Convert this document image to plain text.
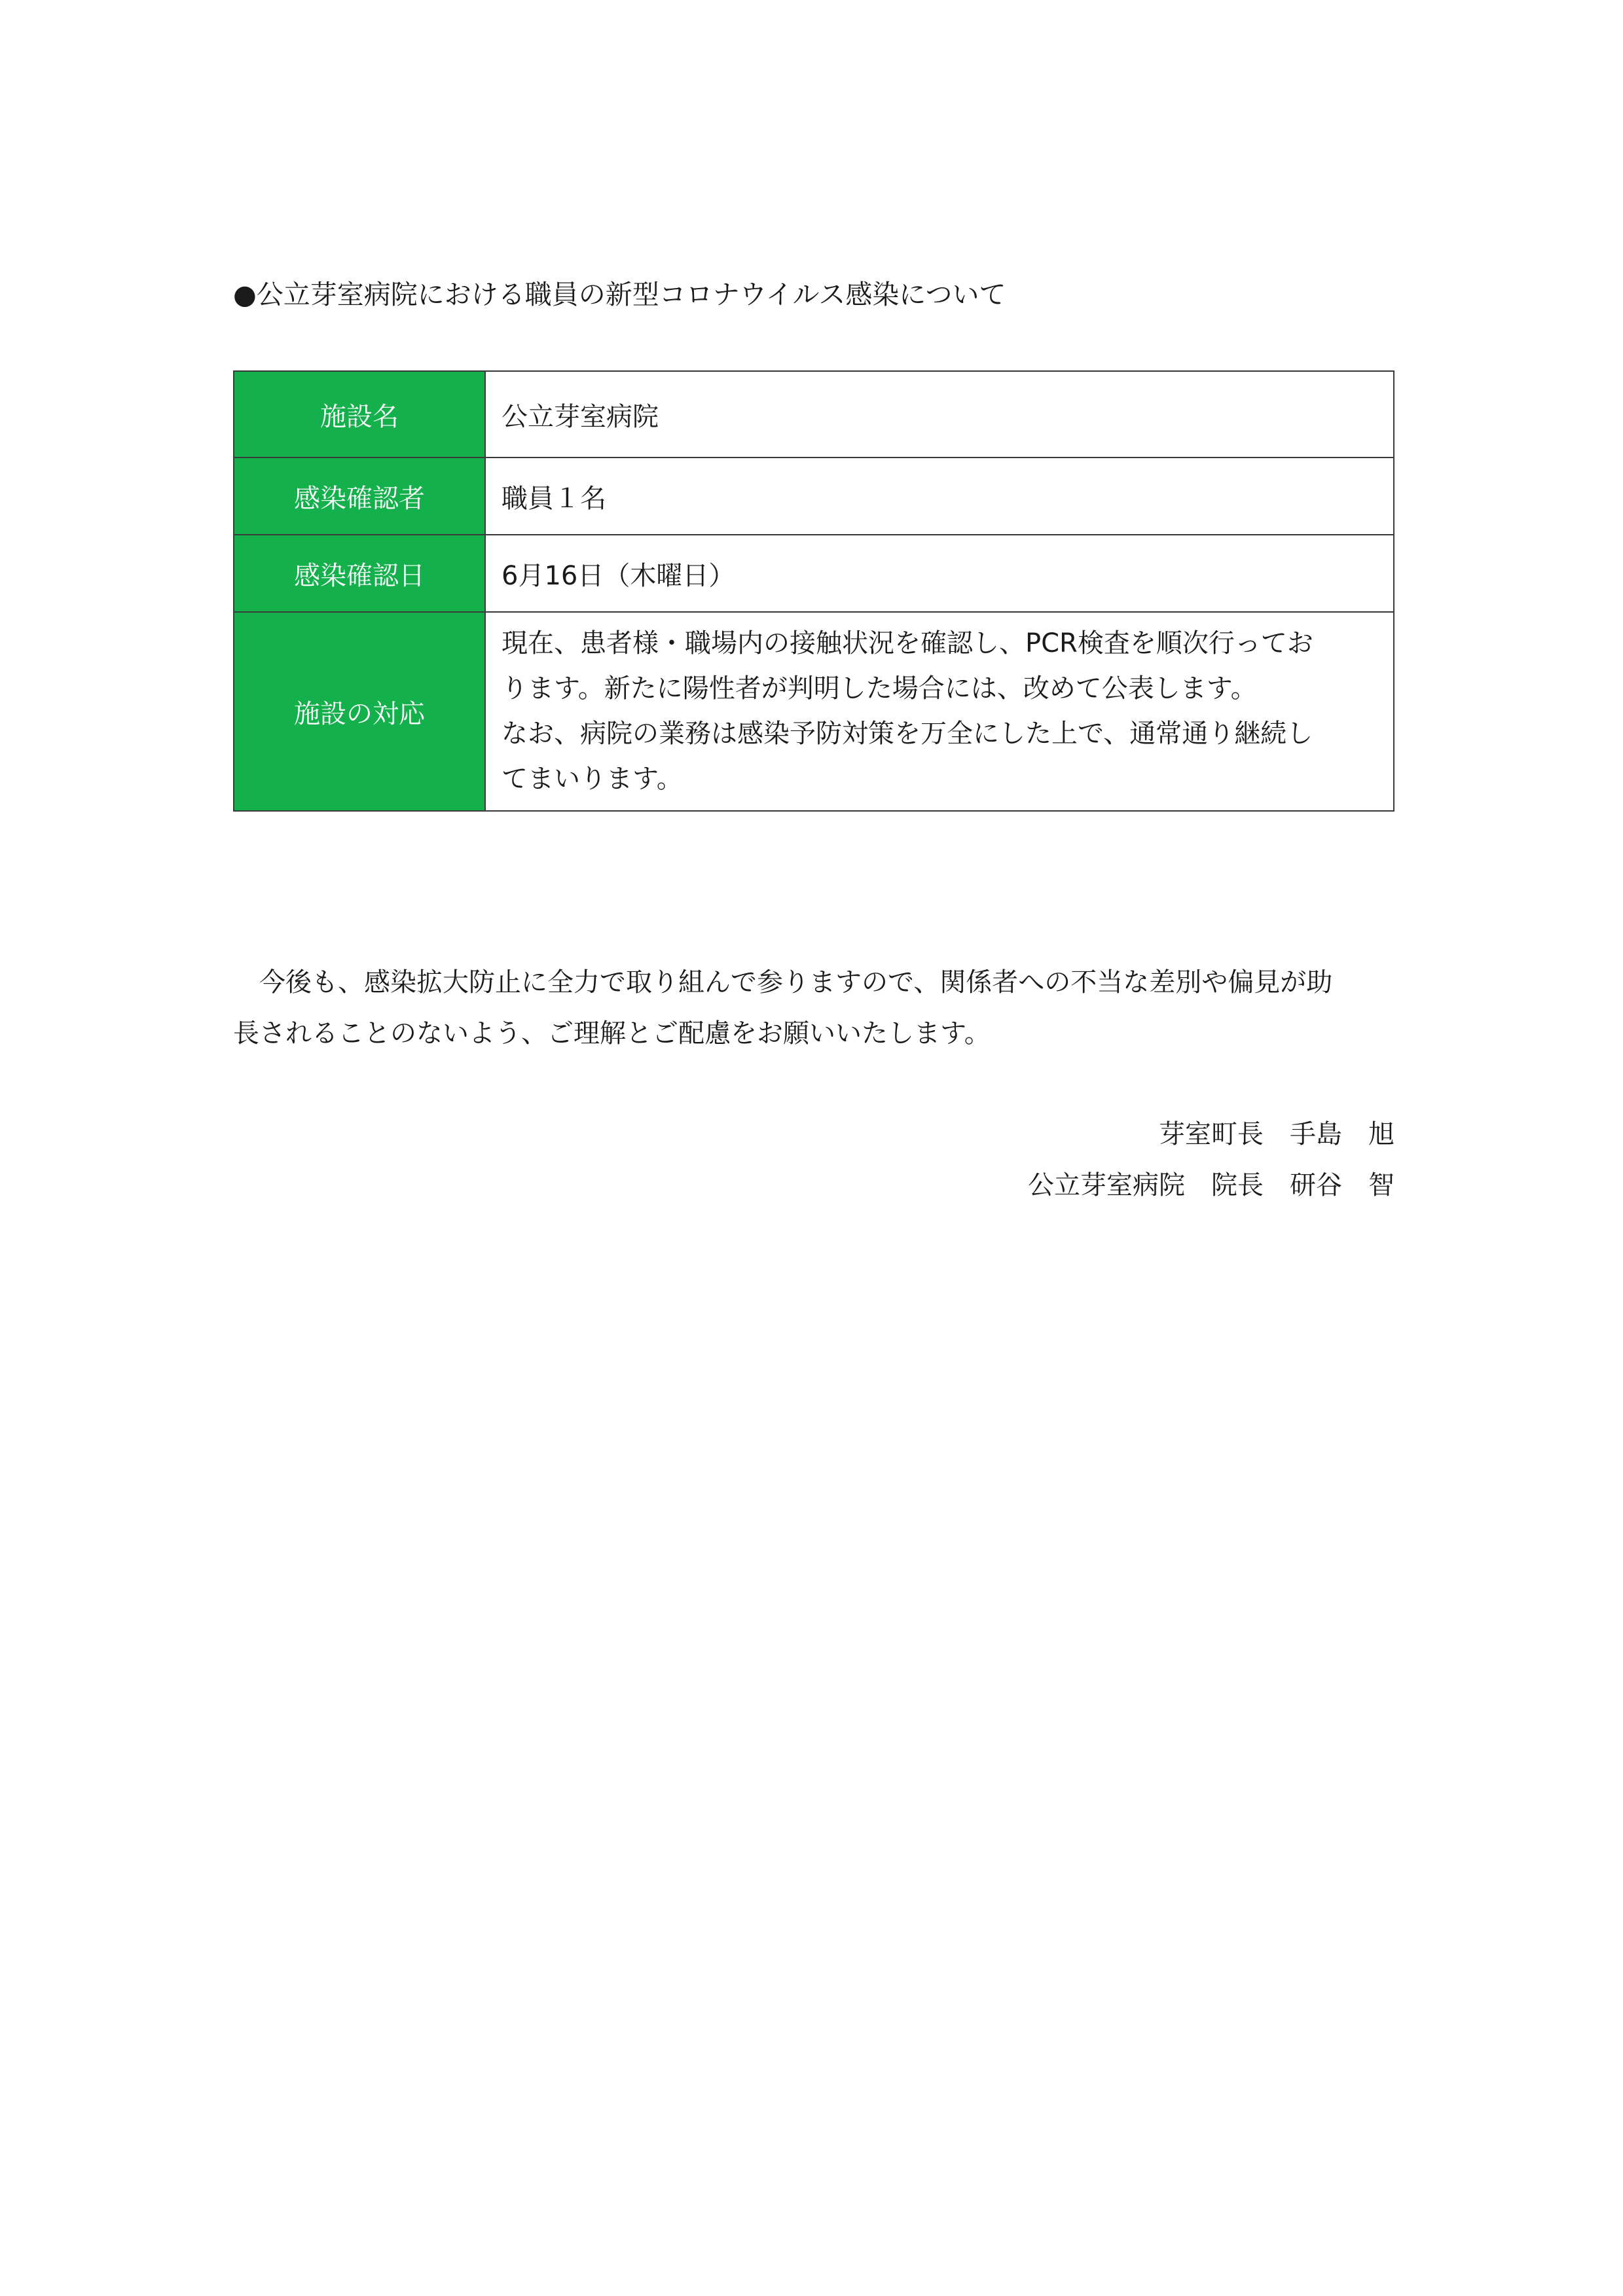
●公立芽室病院における職員の新型コロナウイルス感染について
施設名	公立芽室病院
感染確認者	職員１名
感染確認日	6月16日（木曜日）
施設の対応	現在、患者様・職場内の接触状況を確認し、PCR検査を順次行ってお
ります。新たに陽性者が判明した場合には、改めて公表します。
なお、病院の業務は感染予防対策を万全にした上で、通常通り継続し
てまいります。
　今後も、感染拡大防止に全力で取り組んで参りますので、関係者への不当な差別や偏見が助
長されることのないよう、ご理解とご配慮をお願いいたします。
芽室町長　手島　旭
公立芽室病院　院長　研谷　智
